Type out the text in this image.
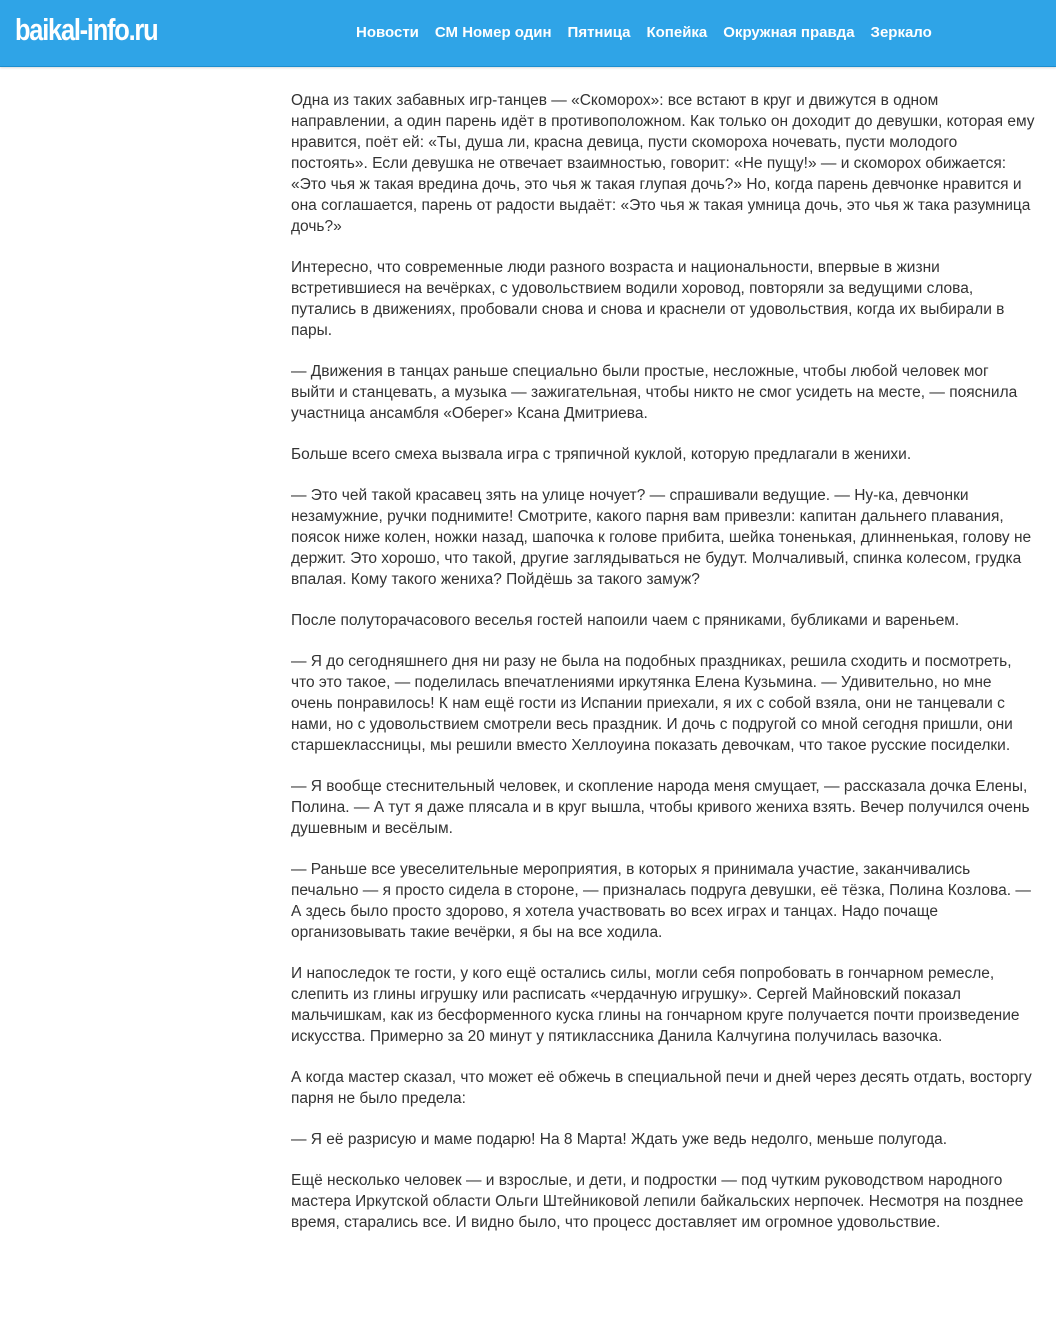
baikal-info.ru	Новости СМ Номер один Пятница Копейка Окружная правда Зеркало

Одна из таких забавных игр-танцев — «Скоморох»: все встают в круг и движутся в одном направлении, а один парень идёт в противоположном. Как только он доходит до девушки, которая ему нравится, поёт ей: «Ты, душа ли, красна девица, пусти скомороха ночевать, пусти молодого постоять». Если девушка не отвечает взаимностью, говорит: «Не пущу!» — и скоморох обижается: «Это чья ж такая вредина дочь, это чья ж такая глупая дочь?» Но, когда парень девчонке нравится и она соглашается, парень от радости выдаёт: «Это чья ж такая умница дочь, это чья ж така разумница дочь?»

Интересно, что современные люди разного возраста и национальности, впервые в жизни встретившиеся на вечёрках, с удовольствием водили хоровод, повторяли за ведущими слова, путались в движениях, пробовали снова и снова и краснели от удовольствия, когда их выбирали в пары.

— Движения в танцах раньше специально были простые, несложные, чтобы любой человек мог выйти и станцевать, а музыка — зажигательная, чтобы никто не смог усидеть на месте, — пояснила участница ансамбля «Оберег» Ксана Дмитриева.

Больше всего смеха вызвала игра с тряпичной куклой, которую предлагали в женихи.

— Это чей такой красавец зять на улице ночует? — спрашивали ведущие. — Ну-ка, девчонки незамужние, ручки поднимите! Смотрите, какого парня вам привезли: капитан дальнего плавания, поясок ниже колен, ножки назад, шапочка к голове прибита, шейка тоненькая, длинненькая, голову не держит. Это хорошо, что такой, другие заглядываться не будут. Молчаливый, спинка колесом, грудка впалая. Кому такого жениха? Пойдёшь за такого замуж?

После полуторачасового веселья гостей напоили чаем с пряниками, бубликами и вареньем.

— Я до сегодняшнего дня ни разу не была на подобных праздниках, решила сходить и посмотреть, что это такое, — поделилась впечатлениями иркутянка Елена Кузьмина. — Удивительно, но мне очень понравилось! К нам ещё гости из Испании приехали, я их с собой взяла, они не танцевали с нами, но с удовольствием смотрели весь праздник. И дочь с подругой со мной сегодня пришли, они старшеклассницы, мы решили вместо Хеллоуина показать девочкам, что такое русские посиделки.

— Я вообще стеснительный человек, и скопление народа меня смущает, — рассказала дочка Елены, Полина. — А тут я даже плясала и в круг вышла, чтобы кривого жениха взять. Вечер получился очень душевным и весёлым.

— Раньше все увеселительные мероприятия, в которых я принимала участие, заканчивались печально — я просто сидела в стороне, — призналась подруга девушки, её тёзка, Полина Козлова. — А здесь было просто здорово, я хотела участвовать во всех играх и танцах. Надо почаще организовывать такие вечёрки, я бы на все ходила.

И напоследок те гости, у кого ещё остались силы, могли себя попробовать в гончарном ремесле, слепить из глины игрушку или расписать «чердачную игрушку». Сергей Майновский показал мальчишкам, как из бесформенного куска глины на гончарном круге получается почти произведение искусства. Примерно за 20 минут у пятиклассника Данила Калчугина получилась вазочка.

А когда мастер сказал, что может её обжечь в специальной печи и дней через десять отдать, восторгу парня не было предела:

— Я её разрисую и маме подарю! На 8 Марта! Ждать уже ведь недолго, меньше полугода.

Ещё несколько человек — и взрослые, и дети, и подростки — под чутким руководством народного мастера Иркутской области Ольги Штейниковой лепили байкальских нерпочек. Несмотря на позднее время, старались все. И видно было, что процесс доставляет им огромное удовольствие.
